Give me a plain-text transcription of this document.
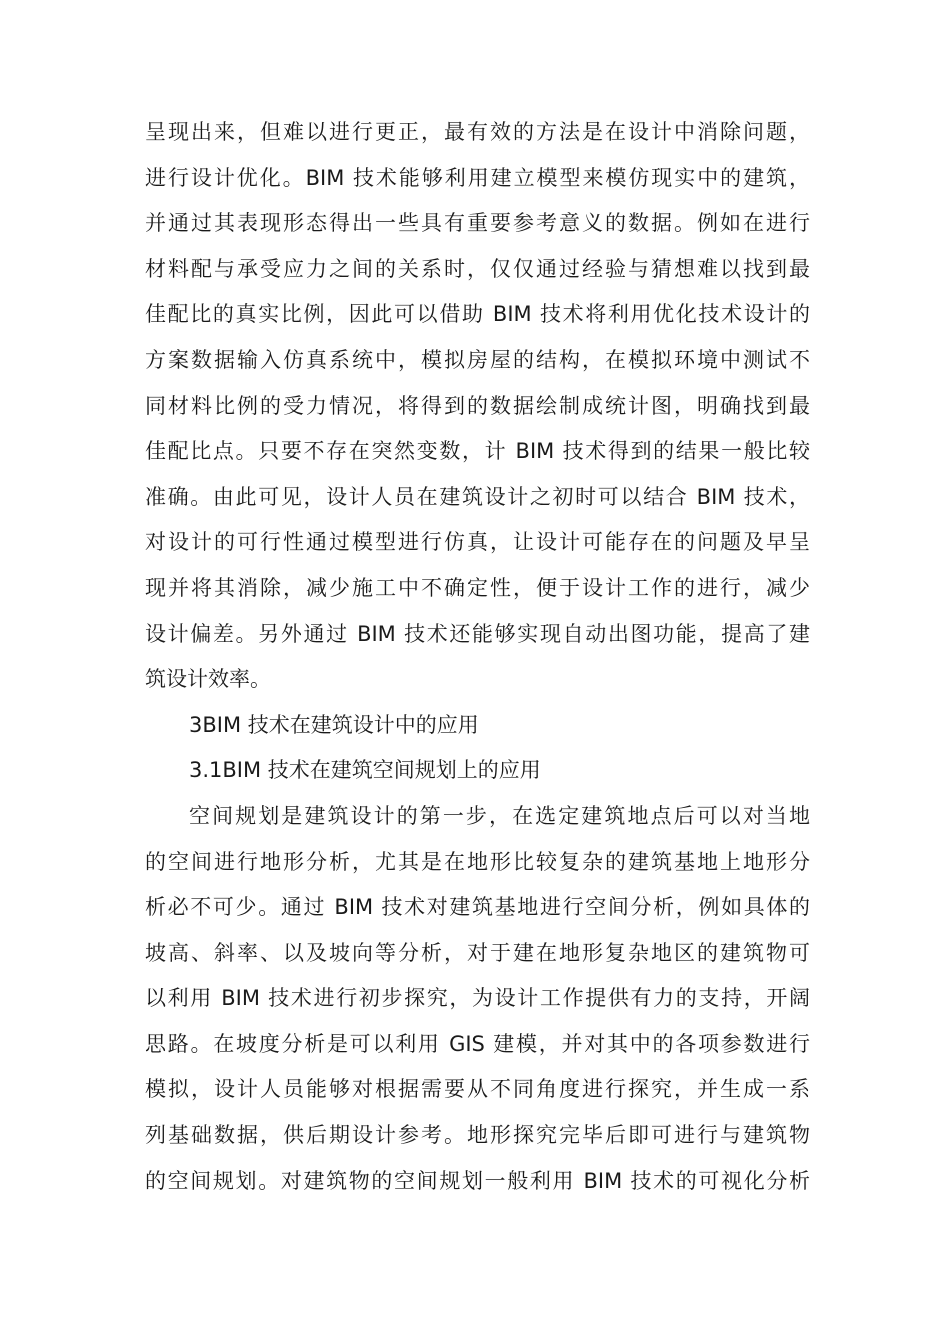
呈现出来，但难以进行更正，最有效的方法是在设计中消除问题，
进行设计优化。BIM 技术能够利用建立模型来模仿现实中的建筑，
并通过其表现形态得出一些具有重要参考意义的数据。例如在进行
材料配与承受应力之间的关系时，仅仅通过经验与猜想难以找到最
佳配比的真实比例，因此可以借助 BIM 技术将利用优化技术设计的
方案数据输入仿真系统中，模拟房屋的结构，在模拟环境中测试不
同材料比例的受力情况，将得到的数据绘制成统计图，明确找到最
佳配比点。只要不存在突然变数，计 BIM 技术得到的结果一般比较
准确。由此可见，设计人员在建筑设计之初时可以结合 BIM 技术，
对设计的可行性通过模型进行仿真，让设计可能存在的问题及早呈
现并将其消除，减少施工中不确定性，便于设计工作的进行，减少
设计偏差。另外通过 BIM 技术还能够实现自动出图功能，提高了建
筑设计效率。
3BIM 技术在建筑设计中的应用
3.1BIM 技术在建筑空间规划上的应用
空间规划是建筑设计的第一步，在选定建筑地点后可以对当地
的空间进行地形分析，尤其是在地形比较复杂的建筑基地上地形分
析必不可少。通过 BIM 技术对建筑基地进行空间分析，例如具体的
坡高、斜率、以及坡向等分析，对于建在地形复杂地区的建筑物可
以利用 BIM 技术进行初步探究，为设计工作提供有力的支持，开阔
思路。在坡度分析是可以利用 GIS 建模，并对其中的各项参数进行
模拟，设计人员能够对根据需要从不同角度进行探究，并生成一系
列基础数据，供后期设计参考。地形探究完毕后即可进行与建筑物
的空间规划。对建筑物的空间规划一般利用 BIM 技术的可视化分析
